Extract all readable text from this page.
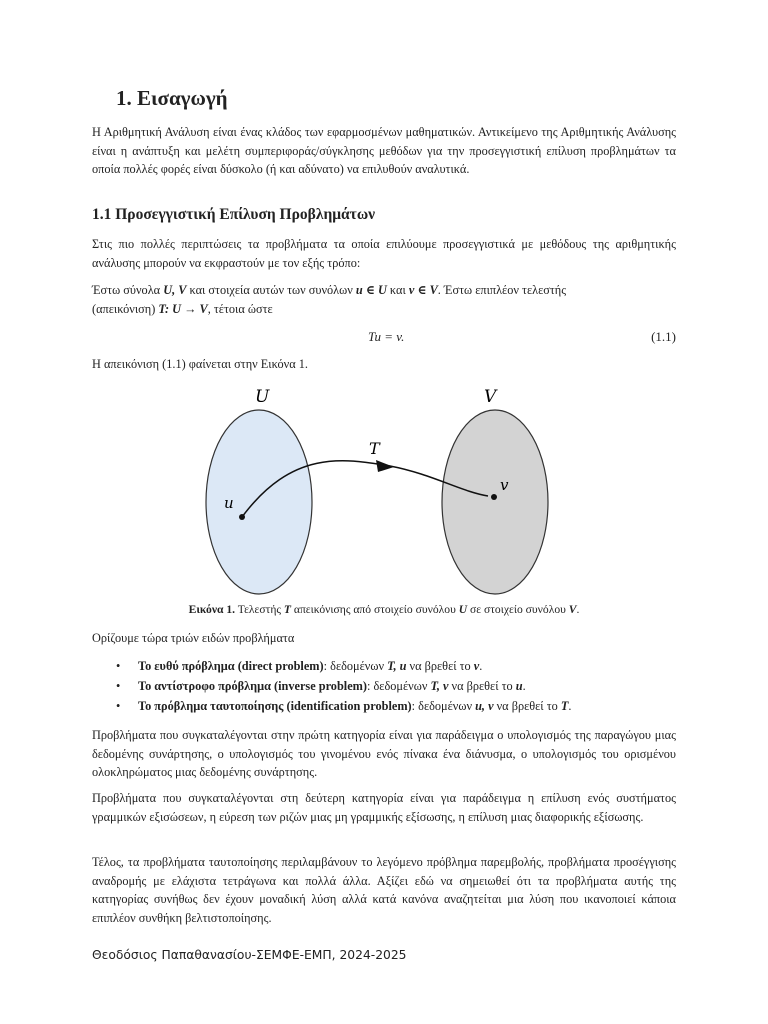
1. Εισαγωγή
Η Αριθμητική Ανάλυση είναι ένας κλάδος των εφαρμοσμένων μαθηματικών. Αντικείμενο της Αριθμητικής Ανάλυσης είναι η ανάπτυξη και μελέτη συμπεριφοράς/σύγκλησης μεθόδων για την προσεγγιστική επίλυση προβλημάτων τα οποία πολλές φορές είναι δύσκολο (ή και αδύνατο) να επιλυθούν αναλυτικά.
1.1 Προσεγγιστική Επίλυση Προβλημάτων
Στις πιο πολλές περιπτώσεις τα προβλήματα τα οποία επιλύουμε προσεγγιστικά με μεθόδους της αριθμητικής ανάλυσης μπορούν να εκφραστούν με τον εξής τρόπο:
Έστω σύνολα U, V και στοιχεία αυτών των συνόλων u ∈ U και v ∈ V. Έστω επιπλέον τελεστής
(απεικόνιση) T: U → V, τέτοια ώστε
Tu = v.	(1.1)
Η απεικόνιση (1.1) φαίνεται στην Εικόνα 1.
U	V
T
u
v
Εικόνα 1. Τελεστής T απεικόνισης από στοιχείο συνόλου U σε στοιχείο συνόλου V.
Ορίζουμε τώρα τριών ειδών προβλήματα
• Το ευθύ πρόβλημα (direct problem): δεδομένων T, u να βρεθεί το v.
• Το αντίστροφο πρόβλημα (inverse problem): δεδομένων T, v να βρεθεί το u.
• Το πρόβλημα ταυτοποίησης (identification problem): δεδομένων u, v να βρεθεί το T.
Προβλήματα που συγκαταλέγονται στην πρώτη κατηγορία είναι για παράδειγμα ο υπολογισμός της παραγώγου μιας δεδομένης συνάρτησης, ο υπολογισμός του γινομένου ενός πίνακα ένα διάνυσμα, ο υπολογισμός του ορισμένου ολοκληρώματος μιας δεδομένης συνάρτησης.
Προβλήματα που συγκαταλέγονται στη δεύτερη κατηγορία είναι για παράδειγμα η επίλυση ενός συστήματος γραμμικών εξισώσεων, η εύρεση των ριζών μιας μη γραμμικής εξίσωσης, η επίλυση μιας διαφορικής εξίσωσης.
Τέλος, τα προβλήματα ταυτοποίησης περιλαμβάνουν το λεγόμενο πρόβλημα παρεμβολής, προβλήματα προσέγγισης αναδρομής με ελάχιστα τετράγωνα και πολλά άλλα. Αξίζει εδώ να σημειωθεί ότι τα προβλήματα αυτής της κατηγορίας συνήθως δεν έχουν μοναδική λύση αλλά κατά κανόνα αναζητείται μια λύση που ικανοποιεί κάποια επιπλέον συνθήκη βελτιστοποίησης.
Θεοδόσιος Παπαθανασίου-ΣΕΜΦΕ-ΕΜΠ, 2024-2025
